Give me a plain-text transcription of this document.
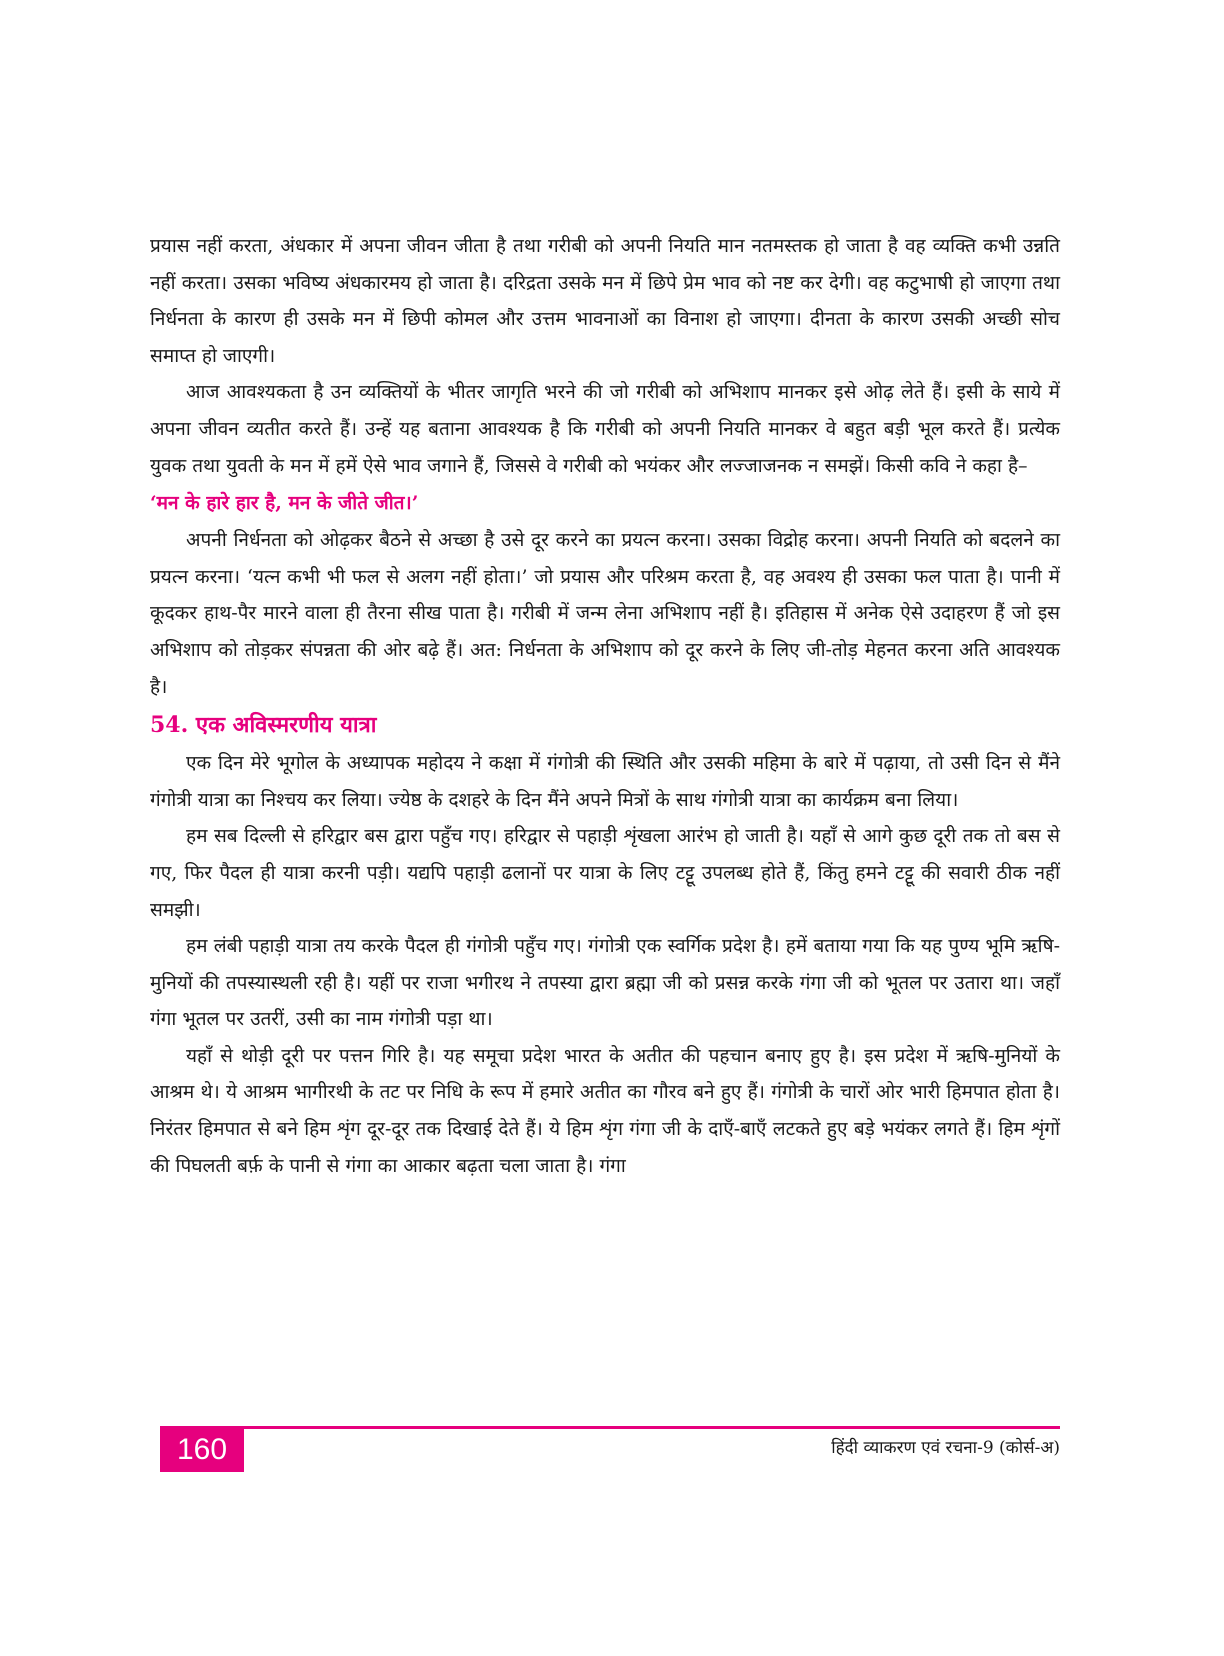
प्रयास नहीं करता, अंधकार में अपना जीवन जीता है तथा गरीबी को अपनी नियति मान नतमस्तक हो जाता है वह व्यक्ति कभी उन्नति नहीं करता। उसका भविष्य अंधकारमय हो जाता है। दरिद्रता उसके मन में छिपे प्रेम भाव को नष्ट कर देगी। वह कटुभाषी हो जाएगा तथा निर्धनता के कारण ही उसके मन में छिपी कोमल और उत्तम भावनाओं का विनाश हो जाएगा। दीनता के कारण उसकी अच्छी सोच समाप्त हो जाएगी।

आज आवश्यकता है उन व्यक्तियों के भीतर जागृति भरने की जो गरीबी को अभिशाप मानकर इसे ओढ़ लेते हैं। इसी के साये में अपना जीवन व्यतीत करते हैं। उन्हें यह बताना आवश्यक है कि गरीबी को अपनी नियति मानकर वे बहुत बड़ी भूल करते हैं। प्रत्येक युवक तथा युवती के मन में हमें ऐसे भाव जगाने हैं, जिससे वे गरीबी को भयंकर और लज्जाजनक न समझें। किसी कवि ने कहा है–

‘मन के हारे हार है, मन के जीते जीत।’

अपनी निर्धनता को ओढ़कर बैठने से अच्छा है उसे दूर करने का प्रयत्न करना। उसका विद्रोह करना। अपनी नियति को बदलने का प्रयत्न करना। ‘यत्न कभी भी फल से अलग नहीं होता।’ जो प्रयास और परिश्रम करता है, वह अवश्य ही उसका फल पाता है। पानी में कूदकर हाथ-पैर मारने वाला ही तैरना सीख पाता है। गरीबी में जन्म लेना अभिशाप नहीं है। इतिहास में अनेक ऐसे उदाहरण हैं जो इस अभिशाप को तोड़कर संपन्नता की ओर बढ़े हैं। अत: निर्धनता के अभिशाप को दूर करने के लिए जी-तोड़ मेहनत करना अति आवश्यक है।

54. एक अविस्मरणीय यात्रा

एक दिन मेरे भूगोल के अध्यापक महोदय ने कक्षा में गंगोत्री की स्थिति और उसकी महिमा के बारे में पढ़ाया, तो उसी दिन से मैंने गंगोत्री यात्रा का निश्चय कर लिया। ज्येष्ठ के दशहरे के दिन मैंने अपने मित्रों के साथ गंगोत्री यात्रा का कार्यक्रम बना लिया।

हम सब दिल्ली से हरिद्वार बस द्वारा पहुँच गए। हरिद्वार से पहाड़ी शृंखला आरंभ हो जाती है। यहाँ से आगे कुछ दूरी तक तो बस से गए, फिर पैदल ही यात्रा करनी पड़ी। यद्यपि पहाड़ी ढलानों पर यात्रा के लिए टट्टू उपलब्ध होते हैं, किंतु हमने टट्टू की सवारी ठीक नहीं समझी।

हम लंबी पहाड़ी यात्रा तय करके पैदल ही गंगोत्री पहुँच गए। गंगोत्री एक स्वर्गिक प्रदेश है। हमें बताया गया कि यह पुण्य भूमि ऋषि-मुनियों की तपस्यास्थली रही है। यहीं पर राजा भगीरथ ने तपस्या द्वारा ब्रह्मा जी को प्रसन्न करके गंगा जी को भूतल पर उतारा था। जहाँ गंगा भूतल पर उतरीं, उसी का नाम गंगोत्री पड़ा था।

यहाँ से थोड़ी दूरी पर पत्तन गिरि है। यह समूचा प्रदेश भारत के अतीत की पहचान बनाए हुए है। इस प्रदेश में ऋषि-मुनियों के आश्रम थे। ये आश्रम भागीरथी के तट पर निधि के रूप में हमारे अतीत का गौरव बने हुए हैं। गंगोत्री के चारों ओर भारी हिमपात होता है। निरंतर हिमपात से बने हिम शृंग दूर-दूर तक दिखाई देते हैं। ये हिम शृंग गंगा जी के दाएँ-बाएँ लटकते हुए बड़े भयंकर लगते हैं। हिम शृंगों की पिघलती बर्फ़ के पानी से गंगा का आकार बढ़ता चला जाता है। गंगा

160	हिंदी व्याकरण एवं रचना-9 (कोर्स-अ)
